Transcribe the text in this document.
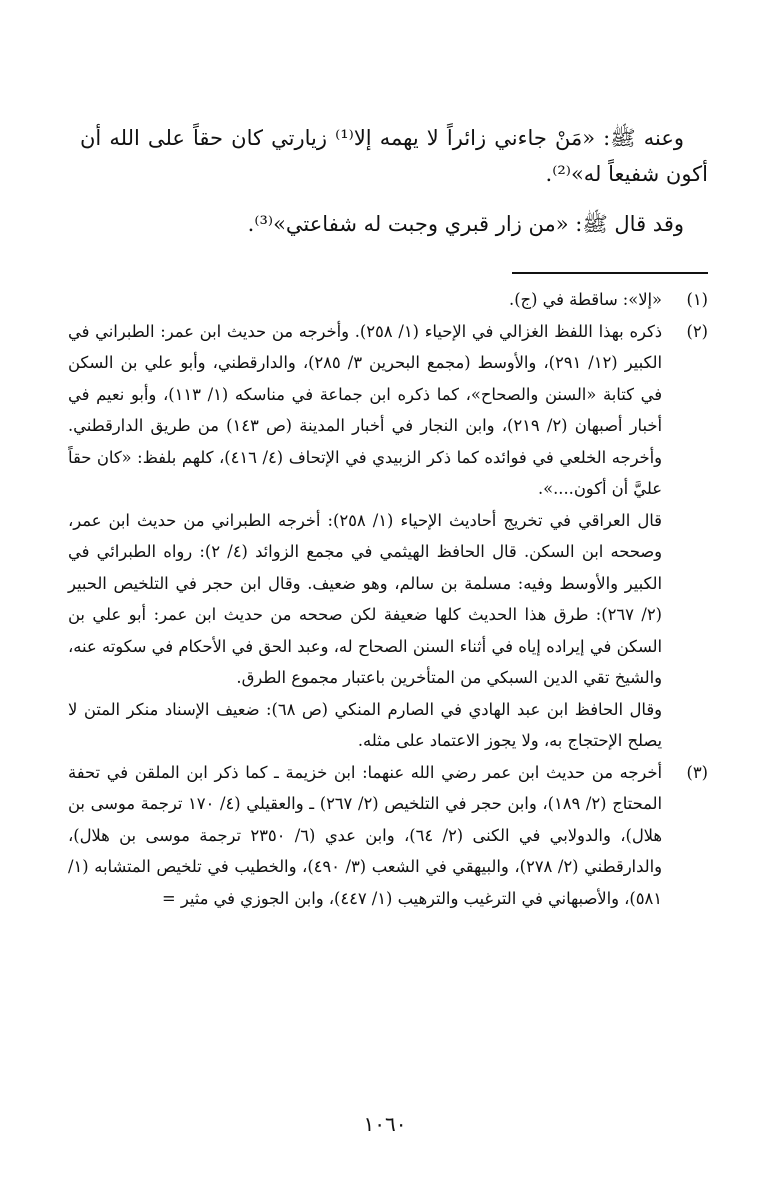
وعنه ﷺ: «مَنْ جاءني زائراً لا يهمه إلا⁽¹⁾ زيارتي كان حقاً على الله أن أكون شفيعاً له»⁽²⁾.

وقد قال ﷺ: «من زار قبري وجبت له شفاعتي»⁽³⁾.

(١)

«إلا»: ساقطة في (ج).

(٢)

ذكره بهذا اللفظ الغزالي في الإحياء (١/ ٢٥٨). وأخرجه من حديث ابن عمر: الطبراني في الكبير (١٢/ ٢٩١)، والأوسط (مجمع البحرين ٣/ ٢٨٥)، والدارقطني، وأبو علي بن السكن في كتابة «السنن والصحاح»، كما ذكره ابن جماعة في مناسكه (١/ ١١٣)، وأبو نعيم في أخبار أصبهان (٢/ ٢١٩)، وابن النجار في أخبار المدينة (ص ١٤٣) من طريق الدارقطني. وأخرجه الخلعي في فوائده كما ذكر الزبيدي في الإتحاف (٤/ ٤١٦)، كلهم بلفظ: «كان حقاً عليَّ أن أكون....».

قال العراقي في تخريج أحاديث الإحياء (١/ ٢٥٨): أخرجه الطبراني من حديث ابن عمر، وصححه ابن السكن. قال الحافظ الهيثمي في مجمع الزوائد (٤/ ٢): رواه الطبرائي في الكبير والأوسط وفيه: مسلمة بن سالم، وهو ضعيف. وقال ابن حجر في التلخيص الحبير (٢/ ٢٦٧): طرق هذا الحديث كلها ضعيفة لكن صححه من حديث ابن عمر: أبو علي بن السكن في إيراده إياه في أثناء السنن الصحاح له، وعبد الحق في الأحكام في سكوته عنه، والشيخ تقي الدين السبكي من المتأخرين باعتبار مجموع الطرق.

وقال الحافظ ابن عبد الهادي في الصارم المنكي (ص ٦٨): ضعيف الإسناد منكر المتن لا يصلح الإحتجاج به، ولا يجوز الاعتماد على مثله.

(٣)

أخرجه من حديث ابن عمر رضي الله عنهما: ابن خزيمة ـ كما ذكر ابن الملقن في تحفة المحتاج (٢/ ١٨٩)، وابن حجر في التلخيص (٢/ ٢٦٧) ـ والعقيلي (٤/ ١٧٠ ترجمة موسى بن هلال)، والدولابي في الكنى (٢/ ٦٤)، وابن عدي (٦/ ٢٣٥٠ ترجمة موسى بن هلال)، والدارقطني (٢/ ٢٧٨)، والبيهقي في الشعب (٣/ ٤٩٠)، والخطيب في تلخيص المتشابه (١/ ٥٨١)، والأصبهاني في الترغيب والترهيب (١/ ٤٤٧)، وابن الجوزي في مثير =

١٠٦٠
